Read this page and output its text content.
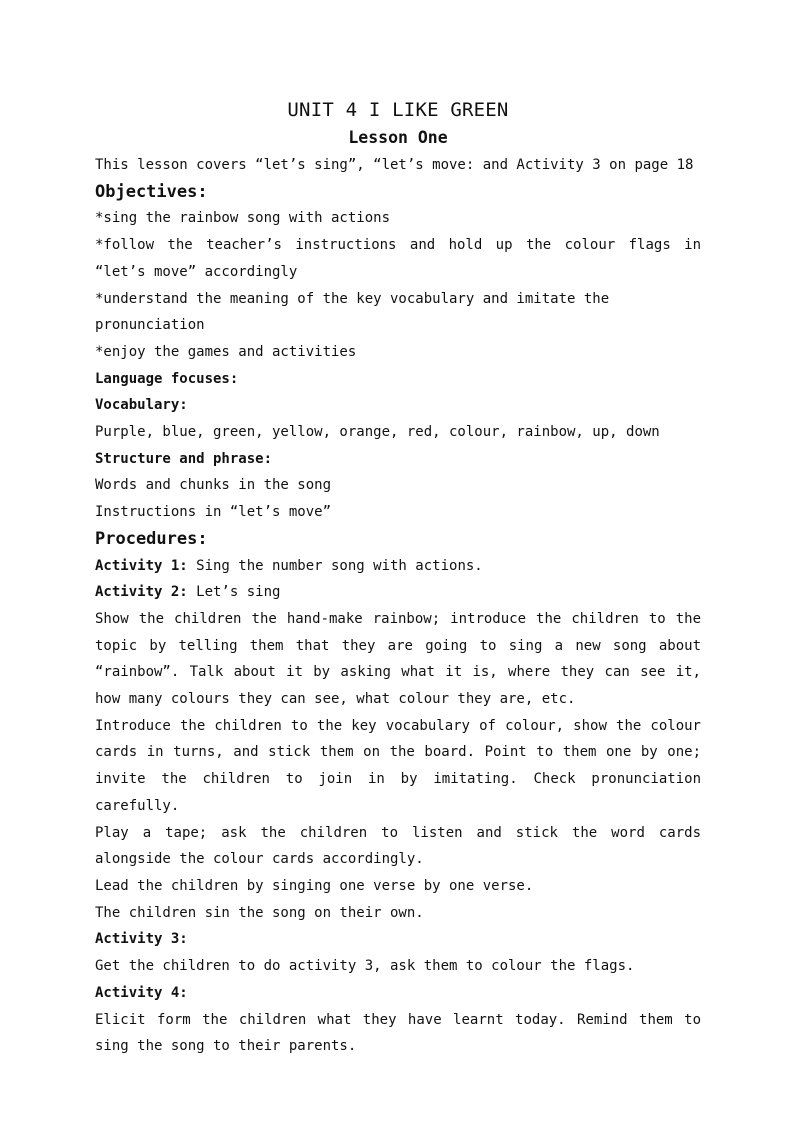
UNIT 4 I LIKE GREEN
Lesson One

This lesson covers “let’s sing”, “let’s move: and Activity 3 on page 18

Objectives:

*sing the rainbow song with actions

*follow the teacher’s instructions and hold up the colour flags in “let’s move” accordingly

*understand the meaning of the key vocabulary and imitate the pronunciation

*enjoy the games and activities

Language focuses:

Vocabulary:

Purple, blue, green, yellow, orange, red, colour, rainbow, up, down

Structure and phrase:

Words and chunks in the song

Instructions in “let’s move”

Procedures:

Activity 1: Sing the number song with actions.

Activity 2: Let’s sing

Show the children the hand-make rainbow; introduce the children to the topic by telling them that they are going to sing a new song about “rainbow”. Talk about it by asking what it is, where they can see it, how many colours they can see, what colour they are, etc.

Introduce the children to the key vocabulary of colour, show the colour cards in turns, and stick them on the board. Point to them one by one; invite the children to join in by imitating. Check pronunciation carefully.

Play a tape; ask the children to listen and stick the word cards alongside the colour cards accordingly.

Lead the children by singing one verse by one verse.

The children sin the song on their own.

Activity 3:

Get the children to do activity 3, ask them to colour the flags.

Activity 4:

Elicit form the children what they have learnt today. Remind them to sing the song to their parents.
